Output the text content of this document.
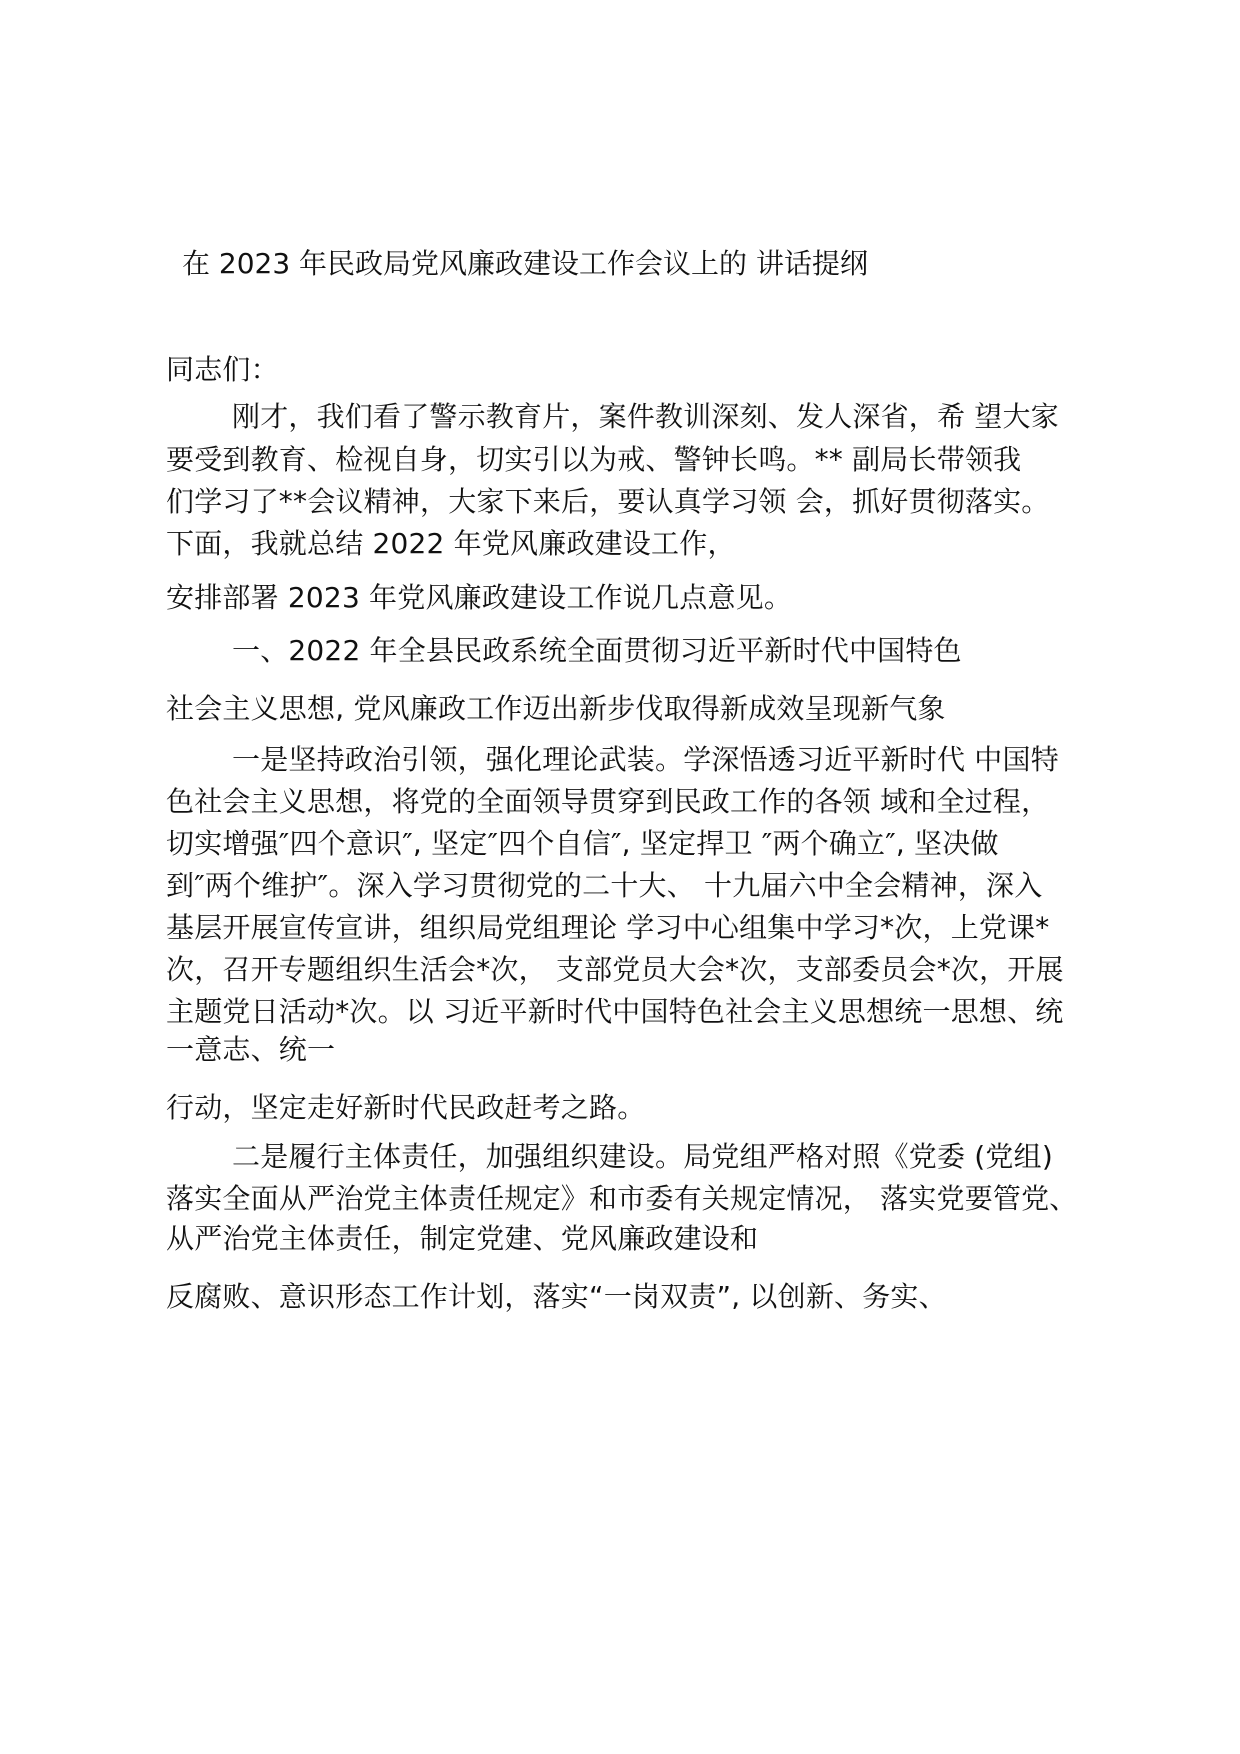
在 2023 年民政局党风廉政建设工作会议上的 讲话提纲
同志们：
刚才，我们看了警示教育片，案件教训深刻、发人深省，希 望大家
要受到教育、检视自身，切实引以为戒、警钟长鸣。** 副局长带领我
们学习了**会议精神，大家下来后，要认真学习领 会，抓好贯彻落实。
下面，我就总结 2022 年党风廉政建设工作，
安排部署 2023 年党风廉政建设工作说几点意见。
一、2022 年全县民政系统全面贯彻习近平新时代中国特色
社会主义思想, 党风廉政工作迈出新步伐取得新成效呈现新气象
一是坚持政治引领，强化理论武装。学深悟透习近平新时代 中国特
色社会主义思想，将党的全面领导贯穿到民政工作的各领 域和全过程，
切实增强″四个意识″, 坚定″四个自信″, 坚定捍卫 ″两个确立″, 坚决做
到″两个维护″。深入学习贯彻党的二十大、 十九届六中全会精神，深入
基层开展宣传宣讲，组织局党组理论 学习中心组集中学习*次，上党课*
次，召开专题组织生活会*次， 支部党员大会*次，支部委员会*次，开展
主题党日活动*次。以 习近平新时代中国特色社会主义思想统一思想、统
一意志、统一
行动，坚定走好新时代民政赶考之路。
二是履行主体责任，加强组织建设。局党组严格对照《党委 (党组)
落实全面从严治党主体责任规定》和市委有关规定情况， 落实党要管党、
从严治党主体责任，制定党建、党风廉政建设和
反腐败、意识形态工作计划，落实“一岗双责”, 以创新、务实、
